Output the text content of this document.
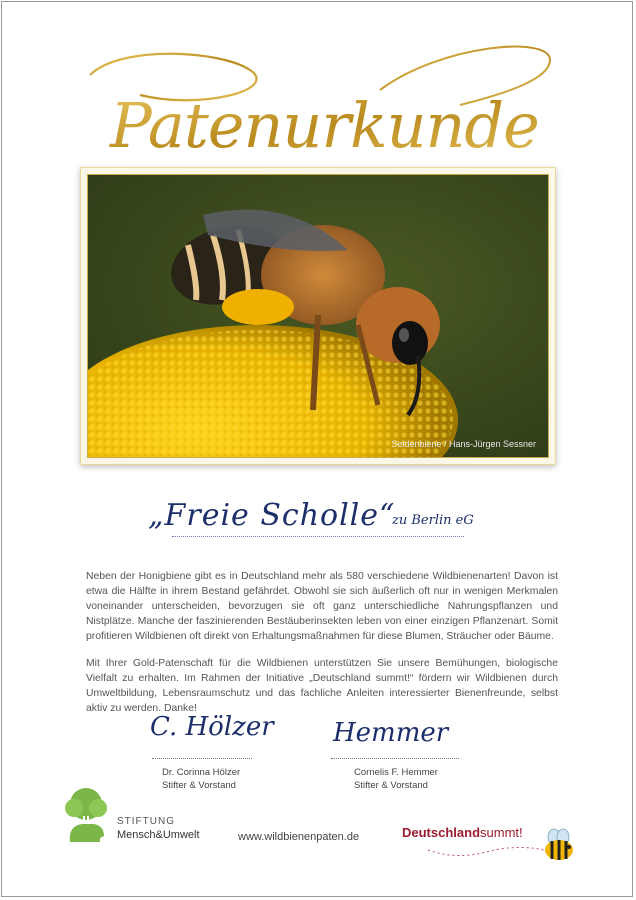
Patenurkunde
Seidenbiene / Hans-Jürgen Sessner
„Freie Scholle“
zu Berlin eG

Neben der Honigbiene gibt es in Deutschland mehr als 580 verschiedene Wildbienenarten! Davon ist etwa die Hälfte in ihrem Bestand gefährdet. Obwohl sie sich äußerlich oft nur in wenigen Merkmalen voneinander unterscheiden, bevorzugen sie oft ganz unterschiedliche Nahrungspflanzen und Nistplätze. Manche der faszinierenden Bestäuberinsekten leben von einer einzigen Pflanzenart. Somit profitieren Wildbienen oft direkt von Erhaltungsmaßnahmen für diese Blumen, Sträucher oder Bäume.

Mit Ihrer Gold-Patenschaft für die Wildbienen unterstützen Sie unsere Bemühungen, biologische Vielfalt zu erhalten. Im Rahmen der Initiative „Deutschland summt!“ fördern wir Wildbienen durch Umweltbildung, Lebensraumschutz und das fachliche Anleiten interessierter Bienenfreunde, selbst aktiv zu werden. Danke!

C. Hölzer Hemmer
Dr. Corinna Hölzer
Stifter & Vorstand
Cornelis F. Hemmer
Stifter & Vorstand
STIFTUNG
Mensch&Umwelt	www.wildbienenpaten.de	Deutschlandsummt!
